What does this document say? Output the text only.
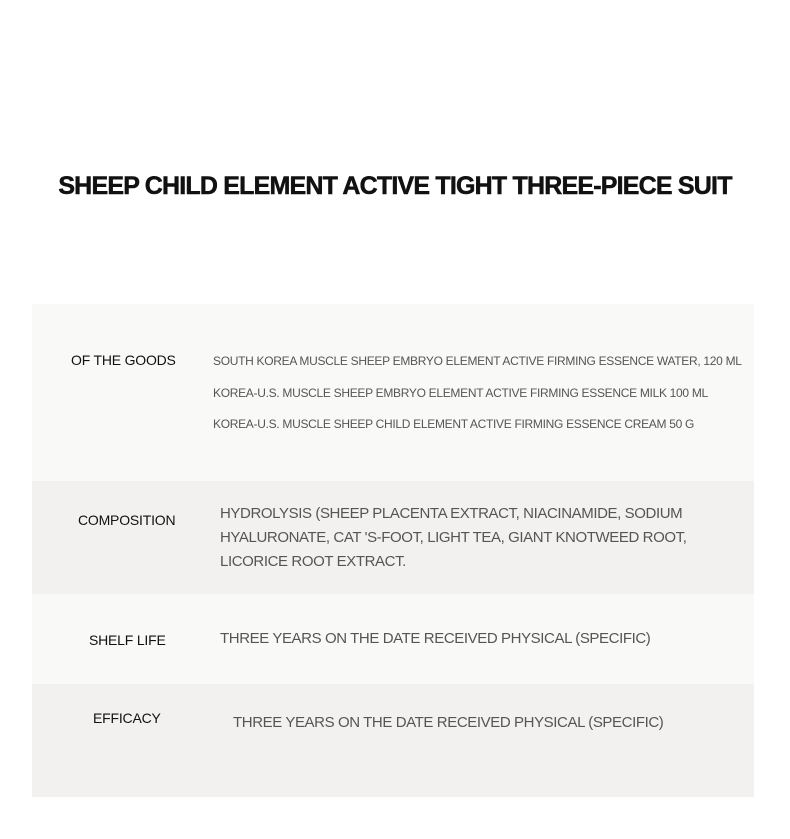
SHEEP CHILD ELEMENT ACTIVE TIGHT THREE-PIECE SUIT
OF THE GOODS	SOUTH KOREA MUSCLE SHEEP EMBRYO ELEMENT ACTIVE FIRMING ESSENCE WATER, 120 ML
KOREA-U.S. MUSCLE SHEEP EMBRYO ELEMENT ACTIVE FIRMING ESSENCE MILK 100 ML
KOREA-U.S. MUSCLE SHEEP CHILD ELEMENT ACTIVE FIRMING ESSENCE CREAM 50 G
COMPOSITION	HYDROLYSIS (SHEEP PLACENTA EXTRACT, NIACINAMIDE, SODIUM
HYALURONATE, CAT 'S-FOOT, LIGHT TEA, GIANT KNOTWEED ROOT,
LICORICE ROOT EXTRACT.
SHELF LIFE	THREE YEARS ON THE DATE RECEIVED PHYSICAL (SPECIFIC)
EFFICACY	THREE YEARS ON THE DATE RECEIVED PHYSICAL (SPECIFIC)
